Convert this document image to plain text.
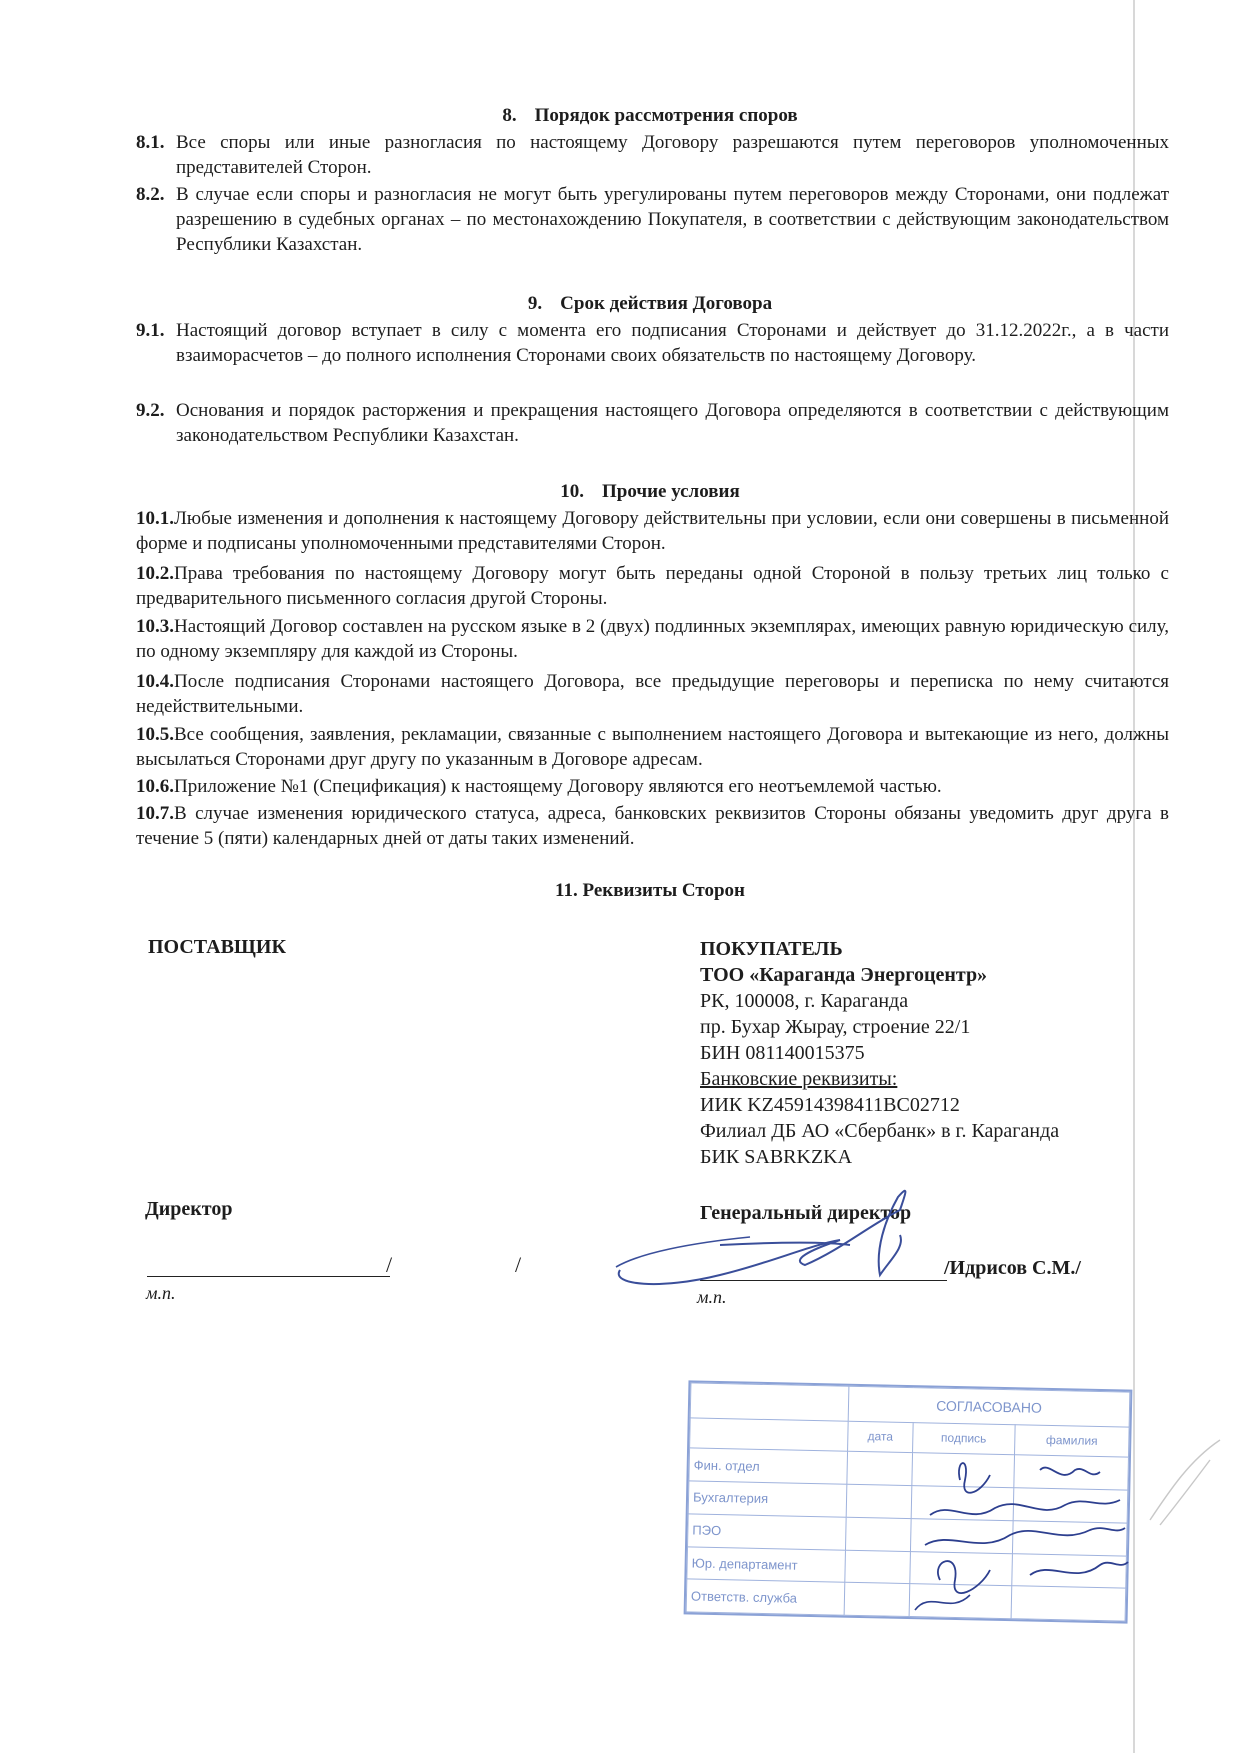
8. Порядок рассмотрения споров
8.1. Все споры или иные разногласия по настоящему Договору разрешаются путем переговоров уполномоченных представителей Сторон.
8.2. В случае если споры и разногласия не могут быть урегулированы путем переговоров между Сторонами, они подлежат разрешению в судебных органах – по местонахождению Покупателя, в соответствии с действующим законодательством Республики Казахстан.
9. Срок действия Договора
9.1. Настоящий договор вступает в силу с момента его подписания Сторонами и действует до 31.12.2022г., а в части взаиморасчетов – до полного исполнения Сторонами своих обязательств по настоящему Договору.
9.2. Основания и порядок расторжения и прекращения настоящего Договора определяются в соответствии с действующим законодательством Республики Казахстан.
10. Прочие условия
10.1.Любые изменения и дополнения к настоящему Договору действительны при условии, если они совершены в письменной форме и подписаны уполномоченными представителями Сторон.
10.2.Права требования по настоящему Договору могут быть переданы одной Стороной в пользу третьих лиц только с предварительного письменного согласия другой Стороны.
10.3.Настоящий Договор составлен на русском языке в 2 (двух) подлинных экземплярах, имеющих равную юридическую силу, по одному экземпляру для каждой из Стороны.
10.4.После подписания Сторонами настоящего Договора, все предыдущие переговоры и переписка по нему считаются недействительными.
10.5.Все сообщения, заявления, рекламации, связанные с выполнением настоящего Договора и вытекающие из него, должны высылаться Сторонами друг другу по указанным в Договоре адресам.
10.6.Приложение №1 (Спецификация) к настоящему Договору являются его неотъемлемой частью.
10.7.В случае изменения юридического статуса, адреса, банковских реквизитов Стороны обязаны уведомить друг друга в течение 5 (пяти) календарных дней от даты таких изменений.
11. Реквизиты Сторон
ПОСТАВЩИК	ПОКУПАТЕЛЬ
ТОО «Караганда Энергоцентр»
РК, 100008, г. Караганда
пр. Бухар Жырау, строение 22/1
БИН 081140015375
Банковские реквизиты:
ИИК KZ45914398411BC02712
Филиал ДБ АО «Сбербанк» в г. Караганда
БИК SABRKZKA
Директор
/	/
м.п.
Генеральный директор
/Идрисов С.М./
м.п.
	СОГЛАСОВАНО		
	дата	подпись	фамилия
Фин. отдел			
Бухгалтерия			
ПЭО			
Юр. департамент			
Ответств. служба			
